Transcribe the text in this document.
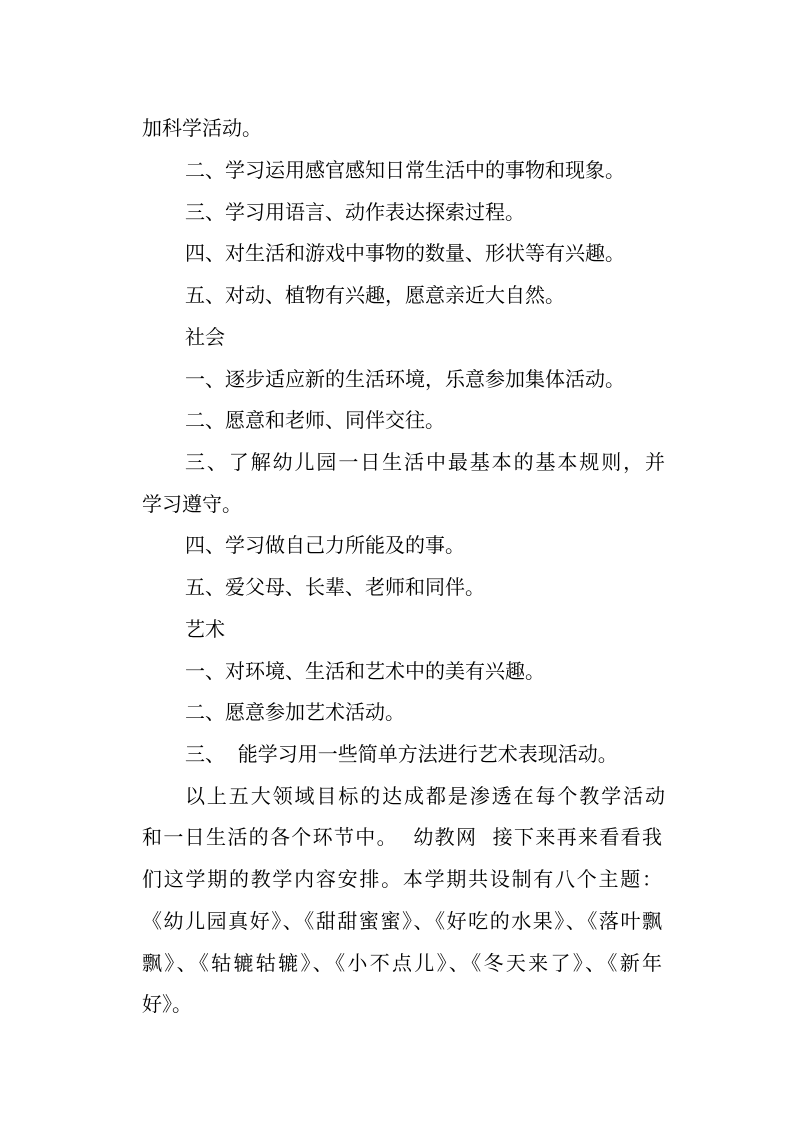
加科学活动。
二、学习运用感官感知日常生活中的事物和现象。
三、学习用语言、动作表达探索过程。
四、对生活和游戏中事物的数量、形状等有兴趣。
五、对动、植物有兴趣，愿意亲近大自然。
社会
一、逐步适应新的生活环境，乐意参加集体活动。
二、愿意和老师、同伴交往。
三、了解幼儿园一日生活中最基本的基本规则，并
学习遵守。
四、学习做自己力所能及的事。
五、爱父母、长辈、老师和同伴。
艺术
一、对环境、生活和艺术中的美有兴趣。
二、愿意参加艺术活动。
三、  能学习用一些简单方法进行艺术表现活动。
以上五大领域目标的达成都是渗透在每个教学活动
和一日生活的各个环节中。  幼教网  接下来再来看看我
们这学期的教学内容安排。本学期共设制有八个主题：
《幼儿园真好》、《甜甜蜜蜜》、《好吃的水果》、《落叶飘
飘》、《轱辘轱辘》、《小不点儿》、《冬天来了》、《新年
好》。
